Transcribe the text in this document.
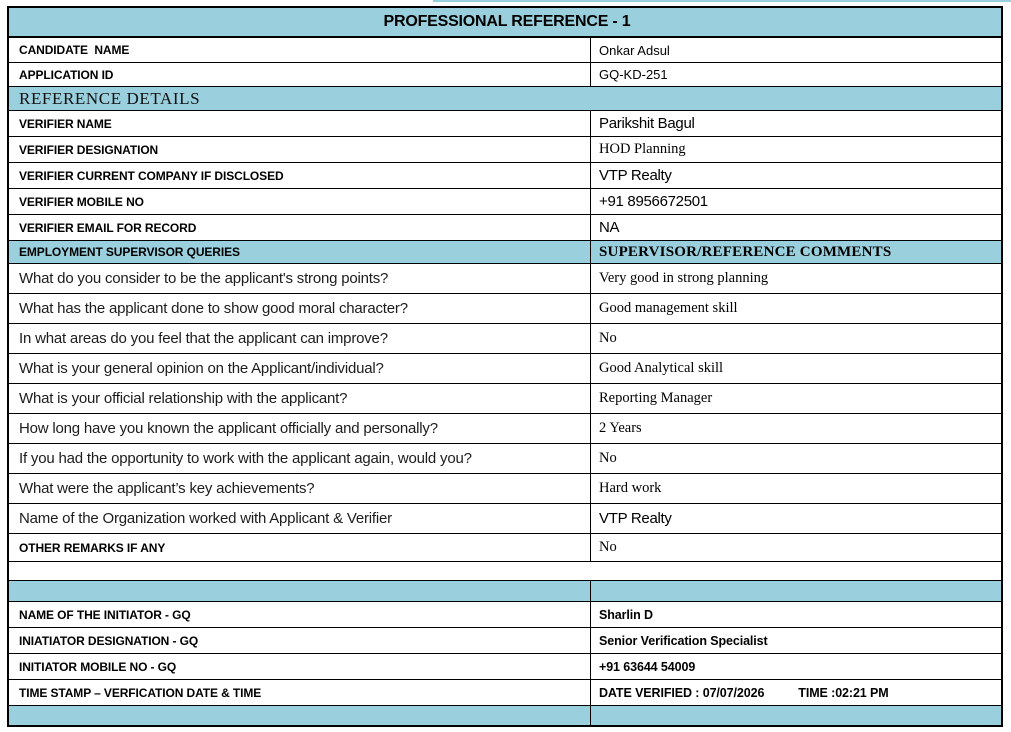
PROFESSIONAL REFERENCE - 1
CANDIDATE  NAME	Onkar Adsul
APPLICATION ID	GQ-KD-251
REFERENCE DETAILS
VERIFIER NAME	Parikshit Bagul
VERIFIER DESIGNATION	HOD Planning
VERIFIER CURRENT COMPANY IF DISCLOSED	VTP Realty
VERIFIER MOBILE NO	+91 8956672501
VERIFIER EMAIL FOR RECORD	NA
EMPLOYMENT SUPERVISOR QUERIES	SUPERVISOR/REFERENCE COMMENTS
What do you consider to be the applicant's strong points?	Very good in strong planning
What has the applicant done to show good moral character?	Good management skill
In what areas do you feel that the applicant can improve?	No
What is your general opinion on the Applicant/individual?	Good Analytical skill
What is your official relationship with the applicant?	Reporting Manager
How long have you known the applicant officially and personally?	2 Years
If you had the opportunity to work with the applicant again, would you?	No
What were the applicant’s key achievements?	Hard work
Name of the Organization worked with Applicant & Verifier	VTP Realty
OTHER REMARKS IF ANY	No
NAME OF THE INITIATOR - GQ	Sharlin D
INIATIATOR DESIGNATION - GQ	Senior Verification Specialist
INITIATOR MOBILE NO - GQ	+91 63644 54009
TIME STAMP – VERFICATION DATE & TIME	DATE VERIFIED : 07/07/2026	TIME :02:21 PM
